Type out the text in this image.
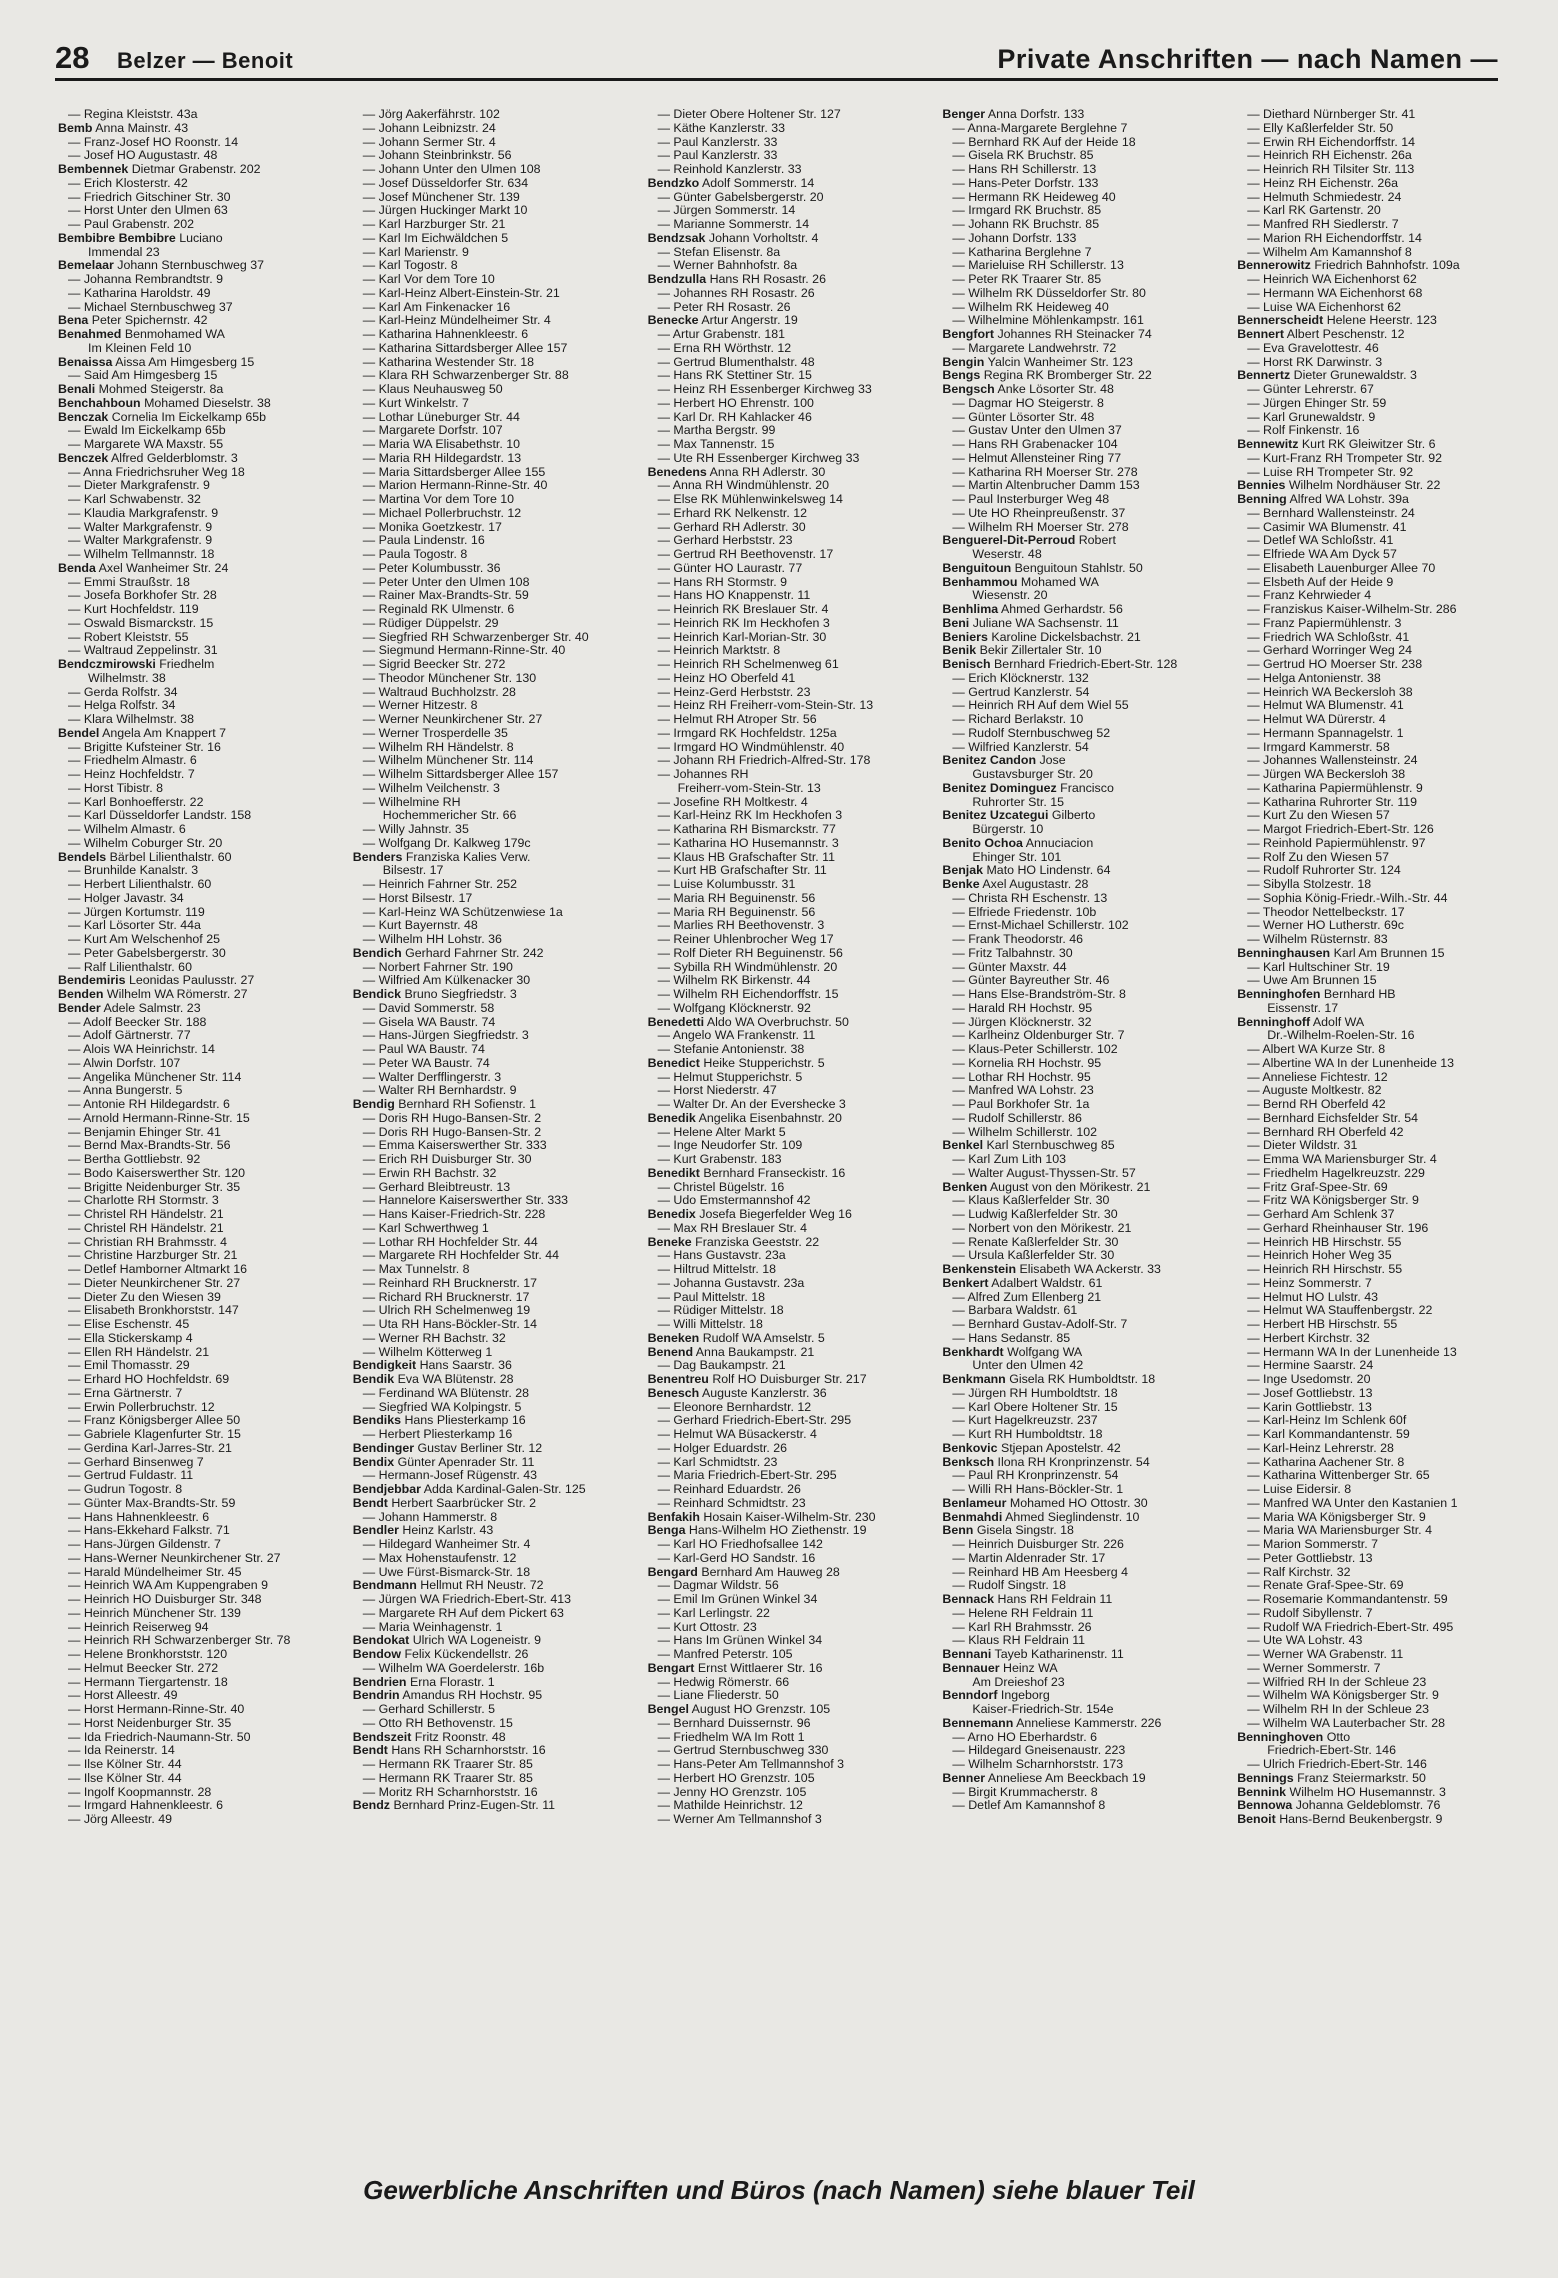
28 Belzer — Benoit	Private Anschriften — nach Namen —
— Regina Kleiststr. 43a
Bemb Anna Mainstr. 43
— Franz-Josef HO Roonstr. 14
— Josef HO Augustastr. 48
Bembennek Dietmar Grabenstr. 202
— Erich Klosterstr. 42
— Friedrich Gitschiner Str. 30
— Horst Unter den Ulmen 63
— Paul Grabenstr. 202
Bembibre Bembibre Luciano
Immendal 23
Bemelaar Johann Sternbuschweg 37
— Johanna Rembrandtstr. 9
— Katharina Haroldstr. 49
— Michael Sternbuschweg 37
Bena Peter Spichernstr. 42
Benahmed Benmohamed WA
Im Kleinen Feld 10
Benaissa Aissa Am Himgesberg 15
— Said Am Himgesberg 15
Benali Mohmed Steigerstr. 8a
Benchahboun Mohamed Dieselstr. 38
Benczak Cornelia Im Eickelkamp 65b
— Ewald Im Eickelkamp 65b
— Margarete WA Maxstr. 55
Benczek Alfred Gelderblomstr. 3
— Anna Friedrichsruher Weg 18
— Dieter Markgrafenstr. 9
— Karl Schwabenstr. 32
— Klaudia Markgrafenstr. 9
— Walter Markgrafenstr. 9
— Walter Markgrafenstr. 9
— Wilhelm Tellmannstr. 18
Benda Axel Wanheimer Str. 24
— Emmi Straußstr. 18
— Josefa Borkhofer Str. 28
— Kurt Hochfeldstr. 119
— Oswald Bismarckstr. 15
— Robert Kleiststr. 55
— Waltraud Zeppelinstr. 31
Bendczmirowski Friedhelm
Wilhelmstr. 38
— Gerda Rolfstr. 34
— Helga Rolfstr. 34
— Klara Wilhelmstr. 38
Bendel Angela Am Knappert 7
— Brigitte Kufsteiner Str. 16
— Friedhelm Almastr. 6
— Heinz Hochfeldstr. 7
— Horst Tibistr. 8
— Karl Bonhoefferstr. 22
— Karl Düsseldorfer Landstr. 158
— Wilhelm Almastr. 6
— Wilhelm Coburger Str. 20
Bendels Bärbel Lilienthalstr. 60
— Brunhilde Kanalstr. 3
— Herbert Lilienthalstr. 60
— Holger Javastr. 34
— Jürgen Kortumstr. 119
— Karl Lösorter Str. 44a
— Kurt Am Welschenhof 25
— Peter Gabelsbergerstr. 30
— Ralf Lilienthalstr. 60
Bendemiris Leonidas Paulusstr. 27
Benden Wilhelm WA Römerstr. 27
Bender Adele Salmstr. 23
— Adolf Beecker Str. 188
— Adolf Gärtnerstr. 77
— Alois WA Heinrichstr. 14
— Alwin Dorfstr. 107
— Angelika Münchener Str. 114
— Anna Bungerstr. 5
— Antonie RH Hildegardstr. 6
— Arnold Hermann-Rinne-Str. 15
— Benjamin Ehinger Str. 41
— Bernd Max-Brandts-Str. 56
— Bertha Gottliebstr. 92
— Bodo Kaiserswerther Str. 120
— Brigitte Neidenburger Str. 35
— Charlotte RH Stormstr. 3
— Christel RH Händelstr. 21
— Christel RH Händelstr. 21
— Christian RH Brahmsstr. 4
— Christine Harzburger Str. 21
— Detlef Hamborner Altmarkt 16
— Dieter Neunkirchener Str. 27
— Dieter Zu den Wiesen 39
— Elisabeth Bronkhorststr. 147
— Elise Eschenstr. 45
— Ella Stickerskamp 4
— Ellen RH Händelstr. 21
— Emil Thomasstr. 29
— Erhard HO Hochfeldstr. 69
— Erna Gärtnerstr. 7
— Erwin Pollerbruchstr. 12
— Franz Königsberger Allee 50
— Gabriele Klagenfurter Str. 15
— Gerdina Karl-Jarres-Str. 21
— Gerhard Binsenweg 7
— Gertrud Fuldastr. 11
— Gudrun Togostr. 8
— Günter Max-Brandts-Str. 59
— Hans Hahnenkleestr. 6
— Hans-Ekkehard Falkstr. 71
— Hans-Jürgen Gildenstr. 7
— Hans-Werner Neunkirchener Str. 27
— Harald Mündelheimer Str. 45
— Heinrich WA Am Kuppengraben 9
— Heinrich HO Duisburger Str. 348
— Heinrich Münchener Str. 139
— Heinrich Reiserweg 94
— Heinrich RH Schwarzenberger Str. 78
— Helene Bronkhorststr. 120
— Helmut Beecker Str. 272
— Hermann Tiergartenstr. 18
— Horst Alleestr. 49
— Horst Hermann-Rinne-Str. 40
— Horst Neidenburger Str. 35
— Ida Friedrich-Naumann-Str. 50
— Ida Reinerstr. 14
— Ilse Kölner Str. 44
— Ilse Kölner Str. 44
— Ingolf Koopmannstr. 28
— Irmgard Hahnenkleestr. 6
— Jörg Alleestr. 49
— Jörg Aakerfährstr. 102
— Johann Leibnizstr. 24
— Johann Sermer Str. 4
— Johann Steinbrinkstr. 56
— Johann Unter den Ulmen 108
— Josef Düsseldorfer Str. 634
— Josef Münchener Str. 139
— Jürgen Huckinger Markt 10
— Karl Harzburger Str. 21
— Karl Im Eichwäldchen 5
— Karl Marienstr. 9
— Karl Togostr. 8
— Karl Vor dem Tore 10
— Karl-Heinz Albert-Einstein-Str. 21
— Karl Am Finkenacker 16
— Karl-Heinz Mündelheimer Str. 4
— Katharina Hahnenkleestr. 6
— Katharina Sittardsberger Allee 157
— Katharina Westender Str. 18
— Klara RH Schwarzenberger Str. 88
— Klaus Neuhausweg 50
— Kurt Winkelstr. 7
— Lothar Lüneburger Str. 44
— Margarete Dorfstr. 107
— Maria WA Elisabethstr. 10
— Maria RH Hildegardstr. 13
— Maria Sittardsberger Allee 155
— Marion Hermann-Rinne-Str. 40
— Martina Vor dem Tore 10
— Michael Pollerbruchstr. 12
— Monika Goetzkestr. 17
— Paula Lindenstr. 16
— Paula Togostr. 8
— Peter Kolumbusstr. 36
— Peter Unter den Ulmen 108
— Rainer Max-Brandts-Str. 59
— Reginald RK Ulmenstr. 6
— Rüdiger Düppelstr. 29
— Siegfried RH Schwarzenberger Str. 40
— Siegmund Hermann-Rinne-Str. 40
— Sigrid Beecker Str. 272
— Theodor Münchener Str. 130
— Waltraud Buchholzstr. 28
— Werner Hitzestr. 8
— Werner Neunkirchener Str. 27
— Werner Trosperdelle 35
— Wilhelm RH Händelstr. 8
— Wilhelm Münchener Str. 114
— Wilhelm Sittardsberger Allee 157
— Wilhelm Veilchenstr. 3
— Wilhelmine RH
Hochemmericher Str. 66
— Willy Jahnstr. 35
— Wolfgang Dr. Kalkweg 179c
Benders Franziska Kalies Verw.
Bilsestr. 17
— Heinrich Fahrner Str. 252
— Horst Bilsestr. 17
— Karl-Heinz WA Schützenwiese 1a
— Kurt Bayernstr. 48
— Wilhelm HH Lohstr. 36
Bendich Gerhard Fahrner Str. 242
— Norbert Fahrner Str. 190
— Wilfried Am Külkenacker 30
Bendick Bruno Siegfriedstr. 3
— David Sommerstr. 58
— Gisela WA Baustr. 74
— Hans-Jürgen Siegfriedstr. 3
— Paul WA Baustr. 74
— Peter WA Baustr. 74
— Walter Derfflingerstr. 3
— Walter RH Bernhardstr. 9
Bendig Bernhard RH Sofienstr. 1
— Doris RH Hugo-Bansen-Str. 2
— Doris RH Hugo-Bansen-Str. 2
— Emma Kaiserswerther Str. 333
— Erich RH Duisburger Str. 30
— Erwin RH Bachstr. 32
— Gerhard Bleibtreustr. 13
— Hannelore Kaiserswerther Str. 333
— Hans Kaiser-Friedrich-Str. 228
— Karl Schwerthweg 1
— Lothar RH Hochfelder Str. 44
— Margarete RH Hochfelder Str. 44
— Max Tunnelstr. 8
— Reinhard RH Brucknerstr. 17
— Richard RH Brucknerstr. 17
— Ulrich RH Schelmenweg 19
— Uta RH Hans-Böckler-Str. 14
— Werner RH Bachstr. 32
— Wilhelm Kötterweg 1
Bendigkeit Hans Saarstr. 36
Bendik Eva WA Blütenstr. 28
— Ferdinand WA Blütenstr. 28
— Siegfried WA Kolpingstr. 5
Bendiks Hans Pliesterkamp 16
— Herbert Pliesterkamp 16
Bendinger Gustav Berliner Str. 12
Bendix Günter Apenrader Str. 11
— Hermann-Josef Rügenstr. 43
Bendjebbar Adda Kardinal-Galen-Str. 125
Bendt Herbert Saarbrücker Str. 2
— Johann Hammerstr. 8
Bendler Heinz Karlstr. 43
— Hildegard Wanheimer Str. 4
— Max Hohenstaufenstr. 12
— Uwe Fürst-Bismarck-Str. 18
Bendmann Hellmut RH Neustr. 72
— Jürgen WA Friedrich-Ebert-Str. 413
— Margarete RH Auf dem Pickert 63
— Maria Weinhagenstr. 1
Bendokat Ulrich WA Logeneistr. 9
Bendow Felix Kückendellstr. 26
— Wilhelm WA Goerdelerstr. 16b
Bendrien Erna Florastr. 1
Bendrin Amandus RH Hochstr. 95
— Gerhard Schillerstr. 5
— Otto RH Bethovenstr. 15
Bendszeit Fritz Roonstr. 48
Bendt Hans RH Scharnhorststr. 16
— Hermann RK Traarer Str. 85
— Hermann RK Traarer Str. 85
— Moritz RH Scharnhorststr. 16
Bendz Bernhard Prinz-Eugen-Str. 11
— Dieter Obere Holtener Str. 127
— Käthe Kanzlerstr. 33
— Paul Kanzlerstr. 33
— Paul Kanzlerstr. 33
— Reinhold Kanzlerstr. 33
Bendzko Adolf Sommerstr. 14
— Günter Gabelsbergerstr. 20
— Jürgen Sommerstr. 14
— Marianne Sommerstr. 14
Bendzsak Johann Vorholtstr. 4
— Stefan Elisenstr. 8a
— Werner Bahnhofstr. 8a
Bendzulla Hans RH Rosastr. 26
— Johannes RH Rosastr. 26
— Peter RH Rosastr. 26
Benecke Artur Angerstr. 19
— Artur Grabenstr. 181
— Erna RH Wörthstr. 12
— Gertrud Blumenthalstr. 48
— Hans RK Stettiner Str. 15
— Heinz RH Essenberger Kirchweg 33
— Herbert HO Ehrenstr. 100
— Karl Dr. RH Kahlacker 46
— Martha Bergstr. 99
— Max Tannenstr. 15
— Ute RH Essenberger Kirchweg 33
Benedens Anna RH Adlerstr. 30
— Anna RH Windmühlenstr. 20
— Else RK Mühlenwinkelsweg 14
— Erhard RK Nelkenstr. 12
— Gerhard RH Adlerstr. 30
— Gerhard Herbststr. 23
— Gertrud RH Beethovenstr. 17
— Günter HO Laurastr. 77
— Hans RH Stormstr. 9
— Hans HO Knappenstr. 11
— Heinrich RK Breslauer Str. 4
— Heinrich RK Im Heckhofen 3
— Heinrich Karl-Morian-Str. 30
— Heinrich Marktstr. 8
— Heinrich RH Schelmenweg 61
— Heinz HO Oberfeld 41
— Heinz-Gerd Herbststr. 23
— Heinz RH Freiherr-vom-Stein-Str. 13
— Helmut RH Atroper Str. 56
— Irmgard RK Hochfeldstr. 125a
— Irmgard HO Windmühlenstr. 40
— Johann RH Friedrich-Alfred-Str. 178
— Johannes RH
Freiherr-vom-Stein-Str. 13
— Josefine RH Moltkestr. 4
— Karl-Heinz RK Im Heckhofen 3
— Katharina RH Bismarckstr. 77
— Katharina HO Husemannstr. 3
— Klaus HB Grafschafter Str. 11
— Kurt HB Grafschafter Str. 11
— Luise Kolumbusstr. 31
— Maria RH Beguinenstr. 56
— Maria RH Beguinenstr. 56
— Marlies RH Beethovenstr. 3
— Reiner Uhlenbrocher Weg 17
— Rolf Dieter RH Beguinenstr. 56
— Sybilla RH Windmühlenstr. 20
— Wilhelm RK Birkenstr. 44
— Wilhelm RH Eichendorffstr. 15
— Wolfgang Klöcknerstr. 92
Benedetti Aldo WA Overbruchstr. 50
— Angelo WA Frankenstr. 11
— Stefanie Antonienstr. 38
Benedict Heike Stupperichstr. 5
— Helmut Stupperichstr. 5
— Horst Niederstr. 47
— Walter Dr. An der Evershecke 3
Benedik Angelika Eisenbahnstr. 20
— Helene Alter Markt 5
— Inge Neudorfer Str. 109
— Kurt Grabenstr. 183
Benedikt Bernhard Franseckistr. 16
— Christel Bügelstr. 16
— Udo Emstermannshof 42
Benedix Josefa Biegerfelder Weg 16
— Max RH Breslauer Str. 4
Beneke Franziska Geeststr. 22
— Hans Gustavstr. 23a
— Hiltrud Mittelstr. 18
— Johanna Gustavstr. 23a
— Paul Mittelstr. 18
— Rüdiger Mittelstr. 18
— Willi Mittelstr. 18
Beneken Rudolf WA Amselstr. 5
Benend Anna Baukampstr. 21
— Dag Baukampstr. 21
Benentreu Rolf HO Duisburger Str. 217
Benesch Auguste Kanzlerstr. 36
— Eleonore Bernhardstr. 12
— Gerhard Friedrich-Ebert-Str. 295
— Helmut WA Büsackerstr. 4
— Holger Eduardstr. 26
— Karl Schmidtstr. 23
— Maria Friedrich-Ebert-Str. 295
— Reinhard Eduardstr. 26
— Reinhard Schmidtstr. 23
Benfakih Hosain Kaiser-Wilhelm-Str. 230
Benga Hans-Wilhelm HO Ziethenstr. 19
— Karl HO Friedhofsallee 142
— Karl-Gerd HO Sandstr. 16
Bengard Bernhard Am Hauweg 28
— Dagmar Wildstr. 56
— Emil Im Grünen Winkel 34
— Karl Lerlingstr. 22
— Kurt Ottostr. 23
— Hans Im Grünen Winkel 34
— Manfred Peterstr. 105
Bengart Ernst Wittlaerer Str. 16
— Hedwig Römerstr. 66
— Liane Fliederstr. 50
Bengel August HO Grenzstr. 105
— Bernhard Duissernstr. 96
— Friedhelm WA Im Rott 1
— Gertrud Sternbuschweg 330
— Hans-Peter Am Tellmannshof 3
— Herbert HO Grenzstr. 105
— Jenny HO Grenzstr. 105
— Mathilde Heinrichstr. 12
— Werner Am Tellmannshof 3
Benger Anna Dorfstr. 133
— Anna-Margarete Berglehne 7
— Bernhard RK Auf der Heide 18
— Gisela RK Bruchstr. 85
— Hans RH Schillerstr. 13
— Hans-Peter Dorfstr. 133
— Hermann RK Heideweg 40
— Irmgard RK Bruchstr. 85
— Johann RK Bruchstr. 85
— Johann Dorfstr. 133
— Katharina Berglehne 7
— Marieluise RH Schillerstr. 13
— Peter RK Traarer Str. 85
— Wilhelm RK Düsseldorfer Str. 80
— Wilhelm RK Heideweg 40
— Wilhelmine Möhlenkampstr. 161
Bengfort Johannes RH Steinacker 74
— Margarete Landwehrstr. 72
Bengin Yalcin Wanheimer Str. 123
Bengs Regina RK Bromberger Str. 22
Bengsch Anke Lösorter Str. 48
— Dagmar HO Steigerstr. 8
— Günter Lösorter Str. 48
— Gustav Unter den Ulmen 37
— Hans RH Grabenacker 104
— Helmut Allensteiner Ring 77
— Katharina RH Moerser Str. 278
— Martin Altenbrucher Damm 153
— Paul Insterburger Weg 48
— Ute HO Rheinpreußenstr. 37
— Wilhelm RH Moerser Str. 278
Benguerel-Dit-Perroud Robert
Weserstr. 48
Benguitoun Benguitoun Stahlstr. 50
Benhammou Mohamed WA
Wiesenstr. 20
Benhlima Ahmed Gerhardstr. 56
Beni Juliane WA Sachsenstr. 11
Beniers Karoline Dickelsbachstr. 21
Benik Bekir Zillertaler Str. 10
Benisch Bernhard Friedrich-Ebert-Str. 128
— Erich Klöcknerstr. 132
— Gertrud Kanzlerstr. 54
— Heinrich RH Auf dem Wiel 55
— Richard Berlakstr. 10
— Rudolf Sternbuschweg 52
— Wilfried Kanzlerstr. 54
Benitez Candon Jose
Gustavsburger Str. 20
Benitez Dominguez Francisco
Ruhrorter Str. 15
Benitez Uzcategui Gilberto
Bürgerstr. 10
Benito Ochoa Annuciacion
Ehinger Str. 101
Benjak Mato HO Lindenstr. 64
Benke Axel Augustastr. 28
— Christa RH Eschenstr. 13
— Elfriede Friedenstr. 10b
— Ernst-Michael Schillerstr. 102
— Frank Theodorstr. 46
— Fritz Talbahnstr. 30
— Günter Maxstr. 44
— Günter Bayreuther Str. 46
— Hans Else-Brandström-Str. 8
— Harald RH Hochstr. 95
— Jürgen Klöcknerstr. 32
— Karlheinz Oldenburger Str. 7
— Klaus-Peter Schillerstr. 102
— Kornelia RH Hochstr. 95
— Lothar RH Hochstr. 95
— Manfred WA Lohstr. 23
— Paul Borkhofer Str. 1a
— Rudolf Schillerstr. 86
— Wilhelm Schillerstr. 102
Benkel Karl Sternbuschweg 85
— Karl Zum Lith 103
— Walter August-Thyssen-Str. 57
Benken August von den Mörikestr. 21
— Klaus Kaßlerfelder Str. 30
— Ludwig Kaßlerfelder Str. 30
— Norbert von den Mörikestr. 21
— Renate Kaßlerfelder Str. 30
— Ursula Kaßlerfelder Str. 30
Benkenstein Elisabeth WA Ackerstr. 33
Benkert Adalbert Waldstr. 61
— Alfred Zum Ellenberg 21
— Barbara Waldstr. 61
— Bernhard Gustav-Adolf-Str. 7
— Hans Sedanstr. 85
Benkhardt Wolfgang WA
Unter den Ulmen 42
Benkmann Gisela RK Humboldtstr. 18
— Jürgen RH Humboldtstr. 18
— Karl Obere Holtener Str. 15
— Kurt Hagelkreuzstr. 237
— Kurt RH Humboldtstr. 18
Benkovic Stjepan Apostelstr. 42
Benksch Ilona RH Kronprinzenstr. 54
— Paul RH Kronprinzenstr. 54
— Willi RH Hans-Böckler-Str. 1
Benlameur Mohamed HO Ottostr. 30
Benmahdi Ahmed Sieglindenstr. 10
Benn Gisela Singstr. 18
— Heinrich Duisburger Str. 226
— Martin Aldenrader Str. 17
— Reinhard HB Am Heesberg 4
— Rudolf Singstr. 18
Bennack Hans RH Feldrain 11
— Helene RH Feldrain 11
— Karl RH Brahmsstr. 26
— Klaus RH Feldrain 11
Bennani Tayeb Katharinenstr. 11
Bennauer Heinz WA
Am Dreieshof 23
Benndorf Ingeborg
Kaiser-Friedrich-Str. 154e
Bennemann Anneliese Kammerstr. 226
— Arno HO Eberhardstr. 6
— Hildegard Gneisenaustr. 223
— Wilhelm Scharnhorststr. 173
Benner Anneliese Am Beeckbach 19
— Birgit Krummacherstr. 8
— Detlef Am Kamannshof 8
— Diethard Nürnberger Str. 41
— Elly Kaßlerfelder Str. 50
— Erwin RH Eichendorffstr. 14
— Heinrich RH Eichenstr. 26a
— Heinrich RH Tilsiter Str. 113
— Heinz RH Eichenstr. 26a
— Helmuth Schmiedestr. 24
— Karl RK Gartenstr. 20
— Manfred RH Siedlerstr. 7
— Marion RH Eichendorffstr. 14
— Wilhelm Am Kamannshof 8
Bennerowitz Friedrich Bahnhofstr. 109a
— Heinrich WA Eichenhorst 62
— Hermann WA Eichenhorst 68
— Luise WA Eichenhorst 62
Bennerscheidt Helene Heerstr. 123
Bennert Albert Peschenstr. 12
— Eva Gravelottestr. 46
— Horst RK Darwinstr. 3
Bennertz Dieter Grunewaldstr. 3
— Günter Lehrerstr. 67
— Jürgen Ehinger Str. 59
— Karl Grunewaldstr. 9
— Rolf Finkenstr. 16
Bennewitz Kurt RK Gleiwitzer Str. 6
— Kurt-Franz RH Trompeter Str. 92
— Luise RH Trompeter Str. 92
Bennies Wilhelm Nordhäuser Str. 22
Benning Alfred WA Lohstr. 39a
— Bernhard Wallensteinstr. 24
— Casimir WA Blumenstr. 41
— Detlef WA Schloßstr. 41
— Elfriede WA Am Dyck 57
— Elisabeth Lauenburger Allee 70
— Elsbeth Auf der Heide 9
— Franz Kehrwieder 4
— Franziskus Kaiser-Wilhelm-Str. 286
— Franz Papiermühlenstr. 3
— Friedrich WA Schloßstr. 41
— Gerhard Worringer Weg 24
— Gertrud HO Moerser Str. 238
— Helga Antonienstr. 38
— Heinrich WA Beckersloh 38
— Helmut WA Blumenstr. 41
— Helmut WA Dürerstr. 4
— Hermann Spannagelstr. 1
— Irmgard Kammerstr. 58
— Johannes Wallensteinstr. 24
— Jürgen WA Beckersloh 38
— Katharina Papiermühlenstr. 9
— Katharina Ruhrorter Str. 119
— Kurt Zu den Wiesen 57
— Margot Friedrich-Ebert-Str. 126
— Reinhold Papiermühlenstr. 97
— Rolf Zu den Wiesen 57
— Rudolf Ruhrorter Str. 124
— Sibylla Stolzestr. 18
— Sophia König-Friedr.-Wilh.-Str. 44
— Theodor Nettelbeckstr. 17
— Werner HO Lutherstr. 69c
— Wilhelm Rüsternstr. 83
Benninghausen Karl Am Brunnen 15
— Karl Hultschiner Str. 19
— Uwe Am Brunnen 15
Benninghofen Bernhard HB
Eissenstr. 17
Benninghoff Adolf WA
Dr.-Wilhelm-Roelen-Str. 16
— Albert WA Kurze Str. 8
— Albertine WA In der Lunenheide 13
— Anneliese Fichtestr. 12
— Auguste Moltkestr. 82
— Bernd RH Oberfeld 42
— Bernhard Eichsfelder Str. 54
— Bernhard RH Oberfeld 42
— Dieter Wildstr. 31
— Emma WA Mariensburger Str. 4
— Friedhelm Hagelkreuzstr. 229
— Fritz Graf-Spee-Str. 69
— Fritz WA Königsberger Str. 9
— Gerhard Am Schlenk 37
— Gerhard Rheinhauser Str. 196
— Heinrich HB Hirschstr. 55
— Heinrich Hoher Weg 35
— Heinrich RH Hirschstr. 55
— Heinz Sommerstr. 7
— Helmut HO Lulstr. 43
— Helmut WA Stauffenbergstr. 22
— Herbert HB Hirschstr. 55
— Herbert Kirchstr. 32
— Hermann WA In der Lunenheide 13
— Hermine Saarstr. 24
— Inge Usedomstr. 20
— Josef Gottliebstr. 13
— Karin Gottliebstr. 13
— Karl-Heinz Im Schlenk 60f
— Karl Kommandantenstr. 59
— Karl-Heinz Lehrerstr. 28
— Katharina Aachener Str. 8
— Katharina Wittenberger Str. 65
— Luise Eidersir. 8
— Manfred WA Unter den Kastanien 1
— Maria WA Königsberger Str. 9
— Maria WA Mariensburger Str. 4
— Marion Sommerstr. 7
— Peter Gottliebstr. 13
— Ralf Kirchstr. 32
— Renate Graf-Spee-Str. 69
— Rosemarie Kommandantenstr. 59
— Rudolf Sibyllenstr. 7
— Rudolf WA Friedrich-Ebert-Str. 495
— Ute WA Lohstr. 43
— Werner WA Grabenstr. 11
— Werner Sommerstr. 7
— Wilfried RH In der Schleue 23
— Wilhelm WA Königsberger Str. 9
— Wilhelm RH In der Schleue 23
— Wilhelm WA Lauterbacher Str. 28
Benninghoven Otto
Friedrich-Ebert-Str. 146
— Ulrich Friedrich-Ebert-Str. 146
Bennings Franz Steiermarkstr. 50
Bennink Wilhelm HO Husemannstr. 3
Bennowa Johanna Geldeblomstr. 76
Benoit Hans-Bernd Beukenbergstr. 9
Gewerbliche Anschriften und Büros (nach Namen) siehe blauer Teil
